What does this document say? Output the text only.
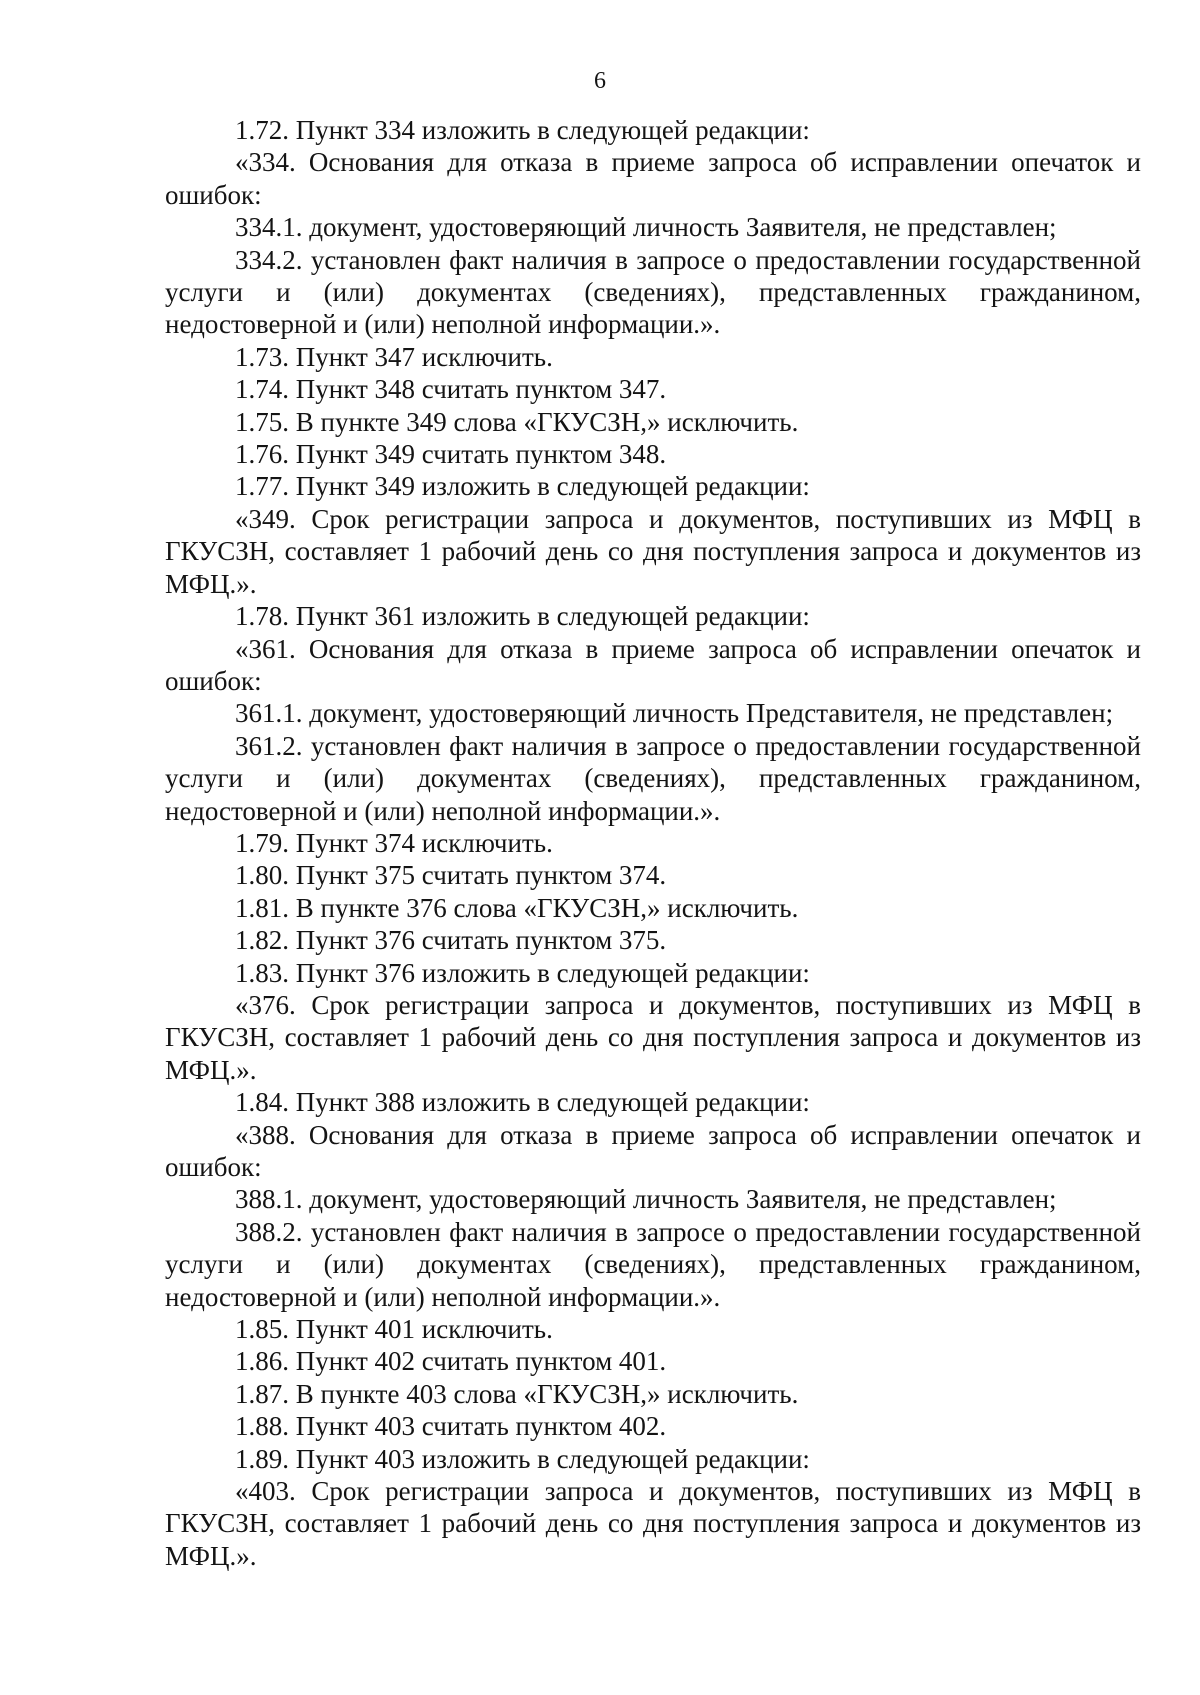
6

1.72. Пункт 334 изложить в следующей редакции:

«334. Основания для отказа в приеме запроса об исправлении опечаток и ошибок:

334.1. документ, удостоверяющий личность Заявителя, не представлен;

334.2. установлен факт наличия в запросе о предоставлении государственной услуги и (или) документах (сведениях), представленных гражданином, недостоверной и (или) неполной информации.».

1.73. Пункт 347 исключить.

1.74. Пункт 348 считать пунктом 347.

1.75. В пункте 349 слова «ГКУСЗН,» исключить.

1.76. Пункт 349 считать пунктом 348.

1.77. Пункт 349 изложить в следующей редакции:

«349. Срок регистрации запроса и документов, поступивших из МФЦ в ГКУСЗН, составляет 1 рабочий день со дня поступления запроса и документов из МФЦ.».

1.78. Пункт 361 изложить в следующей редакции:

«361. Основания для отказа в приеме запроса об исправлении опечаток и ошибок:

361.1. документ, удостоверяющий личность Представителя, не представлен;

361.2. установлен факт наличия в запросе о предоставлении государственной услуги и (или) документах (сведениях), представленных гражданином, недостоверной и (или) неполной информации.».

1.79. Пункт 374 исключить.

1.80. Пункт 375 считать пунктом 374.

1.81. В пункте 376 слова «ГКУСЗН,» исключить.

1.82. Пункт 376 считать пунктом 375.

1.83. Пункт 376 изложить в следующей редакции:

«376. Срок регистрации запроса и документов, поступивших из МФЦ в ГКУСЗН, составляет 1 рабочий день со дня поступления запроса и документов из МФЦ.».

1.84. Пункт 388 изложить в следующей редакции:

«388. Основания для отказа в приеме запроса об исправлении опечаток и ошибок:

388.1. документ, удостоверяющий личность Заявителя, не представлен;

388.2. установлен факт наличия в запросе о предоставлении государственной услуги и (или) документах (сведениях), представленных гражданином, недостоверной и (или) неполной информации.».

1.85. Пункт 401 исключить.

1.86. Пункт 402 считать пунктом 401.

1.87. В пункте 403 слова «ГКУСЗН,» исключить.

1.88. Пункт 403 считать пунктом 402.

1.89. Пункт 403 изложить в следующей редакции:

«403. Срок регистрации запроса и документов, поступивших из МФЦ в ГКУСЗН, составляет 1 рабочий день со дня поступления запроса и документов из МФЦ.».
